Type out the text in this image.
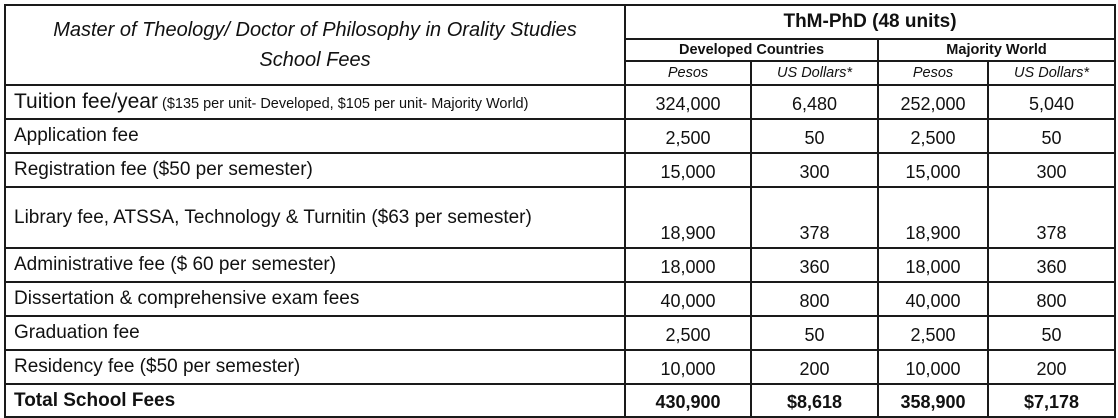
Master of Theology/ Doctor of Philosophy in Orality Studies
School Fees	ThM-PhD (48 units)			
	Developed Countries		Majority World	
	Pesos	US Dollars*	Pesos	US Dollars*
Tuition fee/year ($135 per unit- Developed, $105 per unit- Majority World)	324,000	6,480	252,000	5,040
Application fee	2,500	50	2,500	50
Registration fee ($50 per semester)	15,000	300	15,000	300
Library fee, ATSSA, Technology & Turnitin ($63 per semester)	18,900	378	18,900	378
Administrative fee ($ 60 per semester)	18,000	360	18,000	360
Dissertation & comprehensive exam fees	40,000	800	40,000	800
Graduation fee	2,500	50	2,500	50
Residency fee ($50 per semester)	10,000	200	10,000	200
Total School Fees	430,900	$8,618	358,900	$7,178
